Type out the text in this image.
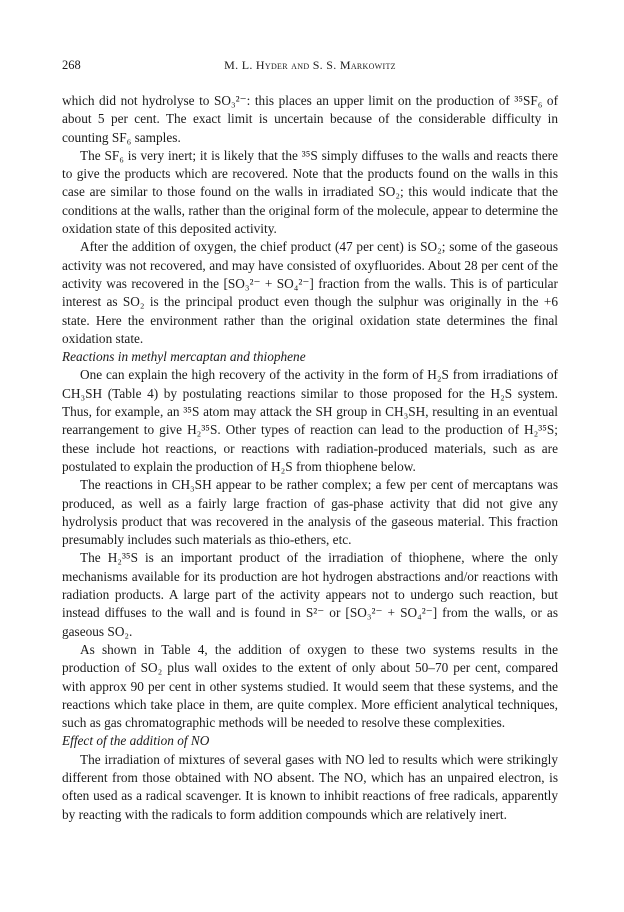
268	M. L. Hyder and S. S. Markowitz

which did not hydrolyse to SO₃²⁻: this places an upper limit on the production of ³⁵SF₆ of about 5 per cent. The exact limit is uncertain because of the considerable difficulty in counting SF₆ samples.

The SF₆ is very inert; it is likely that the ³⁵S simply diffuses to the walls and reacts there to give the products which are recovered. Note that the products found on the walls in this case are similar to those found on the walls in irradiated SO₂; this would indicate that the conditions at the walls, rather than the original form of the molecule, appear to determine the oxidation state of this deposited activity.

After the addition of oxygen, the chief product (47 per cent) is SO₂; some of the gaseous activity was not recovered, and may have consisted of oxyfluorides. About 28 per cent of the activity was recovered in the [SO₃²⁻ + SO₄²⁻] fraction from the walls. This is of particular interest as SO₂ is the principal product even though the sulphur was originally in the +6 state. Here the environment rather than the original oxidation state determines the final oxidation state.

Reactions in methyl mercaptan and thiophene

One can explain the high recovery of the activity in the form of H₂S from irradiations of CH₃SH (Table 4) by postulating reactions similar to those proposed for the H₂S system. Thus, for example, an ³⁵S atom may attack the SH group in CH₃SH, resulting in an eventual rearrangement to give H₂³⁵S. Other types of reaction can lead to the production of H₂³⁵S; these include hot reactions, or reactions with radiation-produced materials, such as are postulated to explain the production of H₂S from thiophene below.

The reactions in CH₃SH appear to be rather complex; a few per cent of mercaptans was produced, as well as a fairly large fraction of gas-phase activity that did not give any hydrolysis product that was recovered in the analysis of the gaseous material. This fraction presumably includes such materials as thio-ethers, etc.

The H₂³⁵S is an important product of the irradiation of thiophene, where the only mechanisms available for its production are hot hydrogen abstractions and/or reactions with radiation products. A large part of the activity appears not to undergo such reaction, but instead diffuses to the wall and is found in S²⁻ or [SO₃²⁻ + SO₄²⁻] from the walls, or as gaseous SO₂.

As shown in Table 4, the addition of oxygen to these two systems results in the production of SO₂ plus wall oxides to the extent of only about 50–70 per cent, compared with approx 90 per cent in other systems studied. It would seem that these systems, and the reactions which take place in them, are quite complex. More efficient analytical techniques, such as gas chromatographic methods will be needed to resolve these complexities.

Effect of the addition of NO

The irradiation of mixtures of several gases with NO led to results which were strikingly different from those obtained with NO absent. The NO, which has an unpaired electron, is often used as a radical scavenger. It is known to inhibit reactions of free radicals, apparently by reacting with the radicals to form addition compounds which are relatively inert.
